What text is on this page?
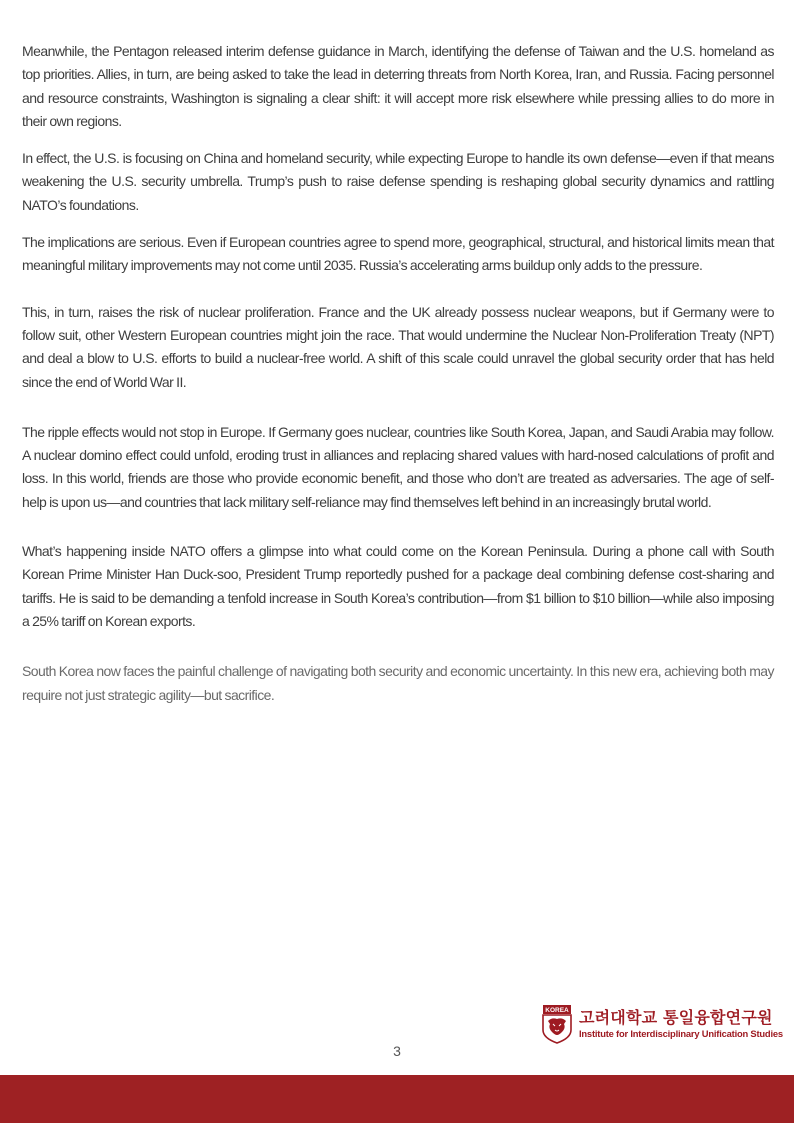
Meanwhile, the Pentagon released interim defense guidance in March, identifying the defense of Taiwan and the U.S. homeland as top priorities. Allies, in turn, are being asked to take the lead in deterring threats from North Korea, Iran, and Russia. Facing personnel and resource constraints, Washington is signaling a clear shift: it will accept more risk elsewhere while pressing allies to do more in their own regions.

In effect, the U.S. is focusing on China and homeland security, while expecting Europe to handle its own defense—even if that means weakening the U.S. security umbrella. Trump’s push to raise defense spending is reshaping global security dynamics and rattling NATO’s foundations.

The implications are serious. Even if European countries agree to spend more, geographical, structural, and historical limits mean that meaningful military improvements may not come until 2035. Russia’s accelerating arms buildup only adds to the pressure.

This, in turn, raises the risk of nuclear proliferation. France and the UK already possess nuclear weapons, but if Germany were to follow suit, other Western European countries might join the race. That would undermine the Nuclear Non-Proliferation Treaty (NPT) and deal a blow to U.S. efforts to build a nuclear-free world. A shift of this scale could unravel the global security order that has held since the end of World War II.

The ripple effects would not stop in Europe. If Germany goes nuclear, countries like South Korea, Japan, and Saudi Arabia may follow. A nuclear domino effect could unfold, eroding trust in alliances and replacing shared values with hard-nosed calculations of profit and loss. In this world, friends are those who provide economic benefit, and those who don’t are treated as adversaries. The age of self-help is upon us—and countries that lack military self-reliance may find themselves left behind in an increasingly brutal world.

What’s happening inside NATO offers a glimpse into what could come on the Korean Peninsula. During a phone call with South Korean Prime Minister Han Duck-soo, President Trump reportedly pushed for a package deal combining defense cost-sharing and tariffs. He is said to be demanding a tenfold increase in South Korea’s contribution—from $1 billion to $10 billion—while also imposing a 25% tariff on Korean exports.

South Korea now faces the painful challenge of navigating both security and economic uncertainty. In this new era, achieving both may require not just strategic agility—but sacrifice.

KOREA 고려대학교 통일융합연구원
Institute for Interdisciplinary Unification Studies
3
